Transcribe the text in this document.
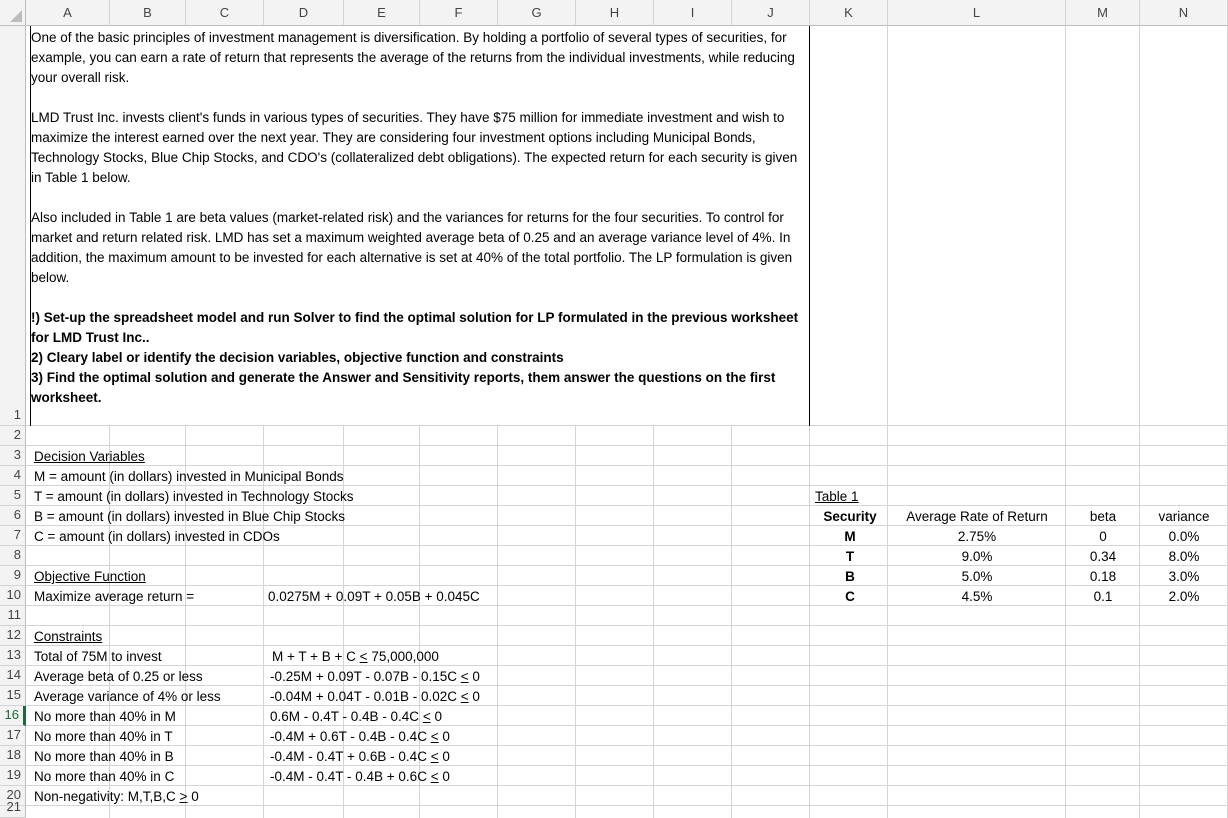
A	B	C	D	E	F	G	H	I	J	K	L	M	N
1
2
3
4
5
6
7
8
9
10
11
12
13
14
15
16
17
18
19
20
21

One of the basic principles of investment management is diversification. By holding a portfolio of several types of securities, for example, you can earn a rate of return that represents the average of the returns from the individual investments, while reducing your overall risk.

LMD Trust Inc. invests client's funds in various types of securities. They have $75 million for immediate investment and wish to maximize the interest earned over the next year. They are considering four investment options including Municipal Bonds, Technology Stocks, Blue Chip Stocks, and CDO's (collateralized debt obligations). The expected return for each security is given in Table 1 below.

Also included in Table 1 are beta values (market-related risk) and the variances for returns for the four securities. To control for market and return related risk. LMD has set a maximum weighted average beta of 0.25 and an average variance level of 4%. In addition, the maximum amount to be invested for each alternative is set at 40% of the total portfolio. The LP formulation is given below.

!) Set-up the spreadsheet model and run Solver to find the optimal solution for LP formulated in the previous worksheet for LMD Trust Inc..

2) Cleary label or identify the decision variables, objective function and constraints

3) Find the optimal solution and generate the Answer and Sensitivity reports, them answer the questions on the first worksheet.

Decision Variables
M = amount (in dollars) invested in Municipal Bonds
T = amount (in dollars) invested in Technology Stocks
B = amount (in dollars) invested in Blue Chip Stocks
C = amount (in dollars) invested in CDOs
Objective Function
Maximize average return =	0.0275M + 0.09T + 0.05B + 0.045C
Constraints
Total of 75M to invest	M + T + B + C ≤ 75,000,000
Average beta of 0.25 or less	-0.25M + 0.09T - 0.07B - 0.15C ≤ 0
Average variance of 4% or less	-0.04M + 0.04T - 0.01B - 0.02C ≤ 0
No more than 40% in M	0.6M - 0.4T - 0.4B - 0.4C ≤ 0
No more than 40% in T	-0.4M + 0.6T - 0.4B - 0.4C ≤ 0
No more than 40% in B	-0.4M - 0.4T + 0.6B - 0.4C ≤ 0
No more than 40% in C	-0.4M - 0.4T - 0.4B + 0.6C ≤ 0
Non-negativity: M,T,B,C ≥ 0
Table 1
Security	Average Rate of Return	beta	variance
M	2.75%	0	0.0%
T	9.0%	0.34	8.0%
B	5.0%	0.18	3.0%
C	4.5%	0.1	2.0%
